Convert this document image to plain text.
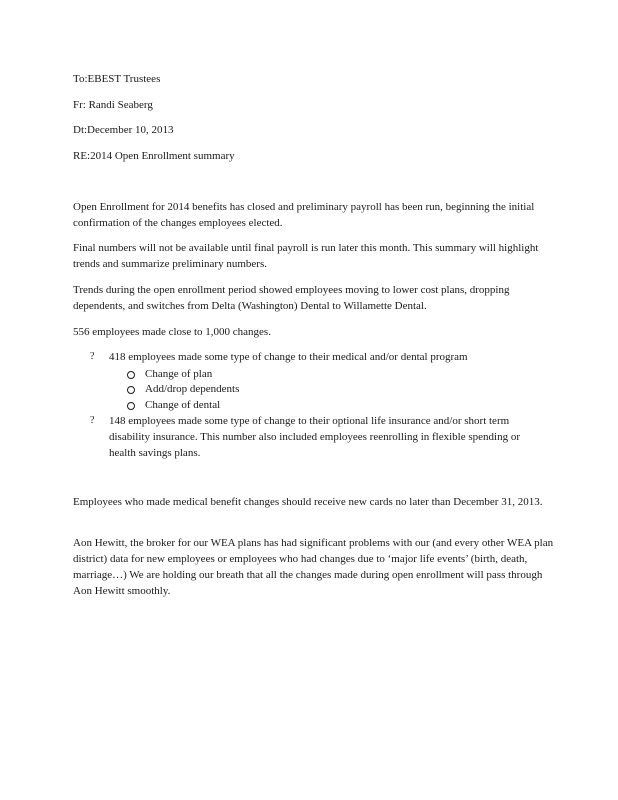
To:EBEST Trustees

Fr: Randi Seaberg

Dt:December 10, 2013

RE:2014 Open Enrollment summary

Open Enrollment for 2014 benefits has closed and preliminary payroll has been run, beginning the initial confirmation of the changes employees elected.

Final numbers will not be available until final payroll is run later this month. This summary will highlight trends and summarize preliminary numbers.

Trends during the open enrollment period showed employees moving to lower cost plans, dropping dependents, and switches from Delta (Washington) Dental to Willamette Dental.

556 employees made close to 1,000 changes.

? 418 employees made some type of change to their medical and/or dental program
Change of plan
Add/drop dependents
Change of dental
? 148 employees made some type of change to their optional life insurance and/or short term disability insurance. This number also included employees reenrolling in flexible spending or health savings plans.

Employees who made medical benefit changes should receive new cards no later than December 31, 2013.

Aon Hewitt, the broker for our WEA plans has had significant problems with our (and every other WEA plan district) data for new employees or employees who had changes due to ‘major life events’ (birth, death, marriage…) We are holding our breath that all the changes made during open enrollment will pass through Aon Hewitt smoothly.
